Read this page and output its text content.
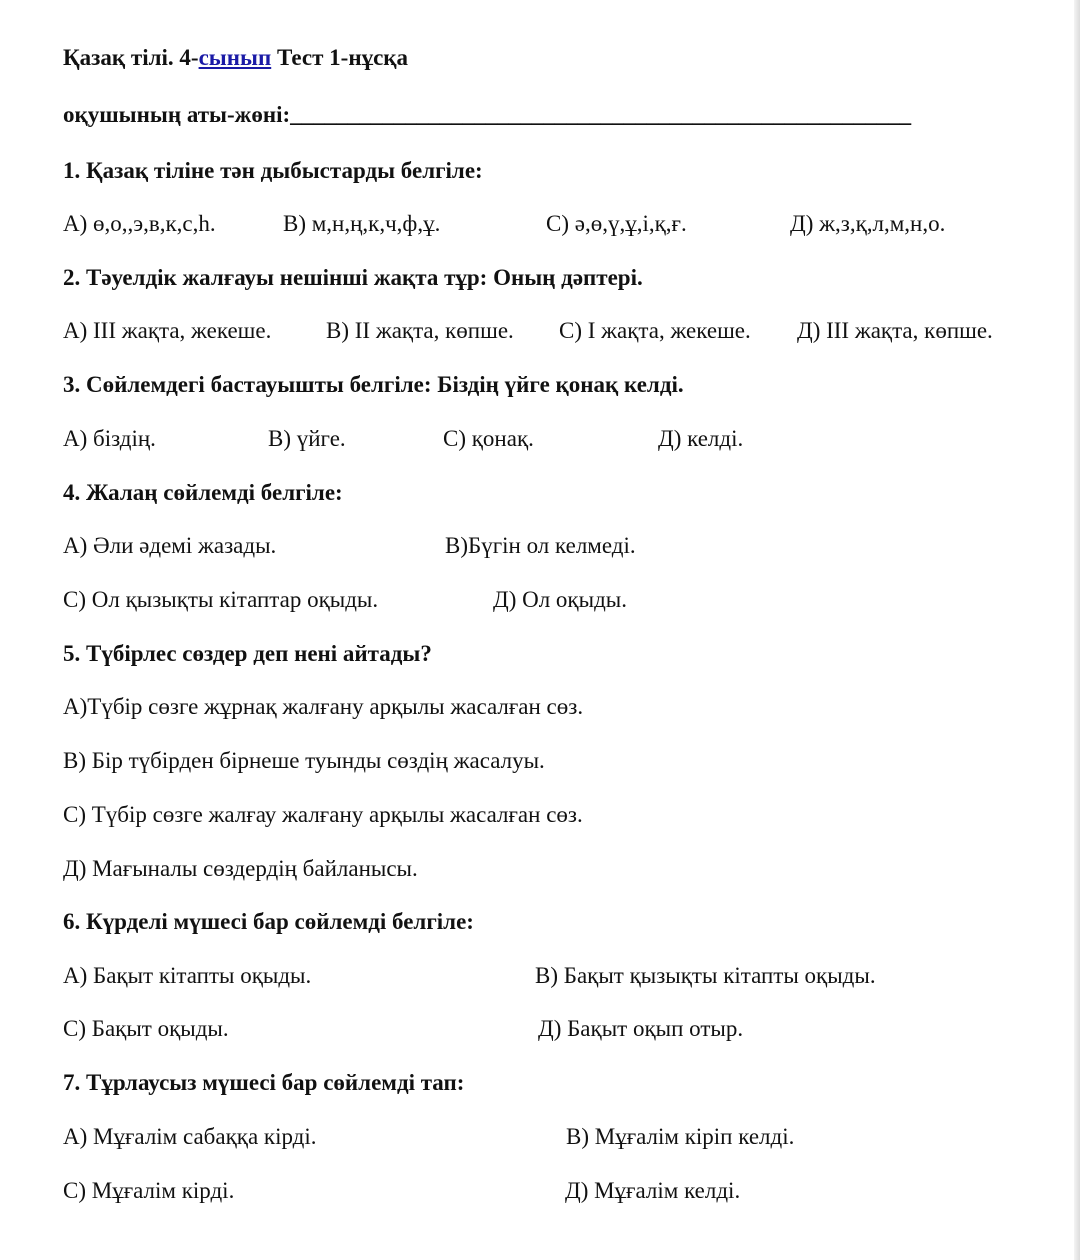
Қазақ тілі. 4-сынып Тест 1-нұсқа
оқушының аты-жөні:______________________________________________________
1. Қазақ тіліне тән дыбыстарды белгіле:
А) ө,о,,э,в,к,с,һ.	В) м,н,ң,к,ч,ф,ұ.	С) ә,ө,ү,ұ,і,қ,ғ.	Д) ж,з,қ,л,м,н,о.
2. Тәуелдік жалғауы нешінші жақта тұр: Оның дәптері.
А) ІІІ жақта, жекеше. В) ІІ жақта, көпше. С) І жақта, жекеше. Д) ІІІ жақта, көпше.
3. Сөйлемдегі бастауышты белгіле: Біздің үйге қонақ келді.
А) біздің.	В) үйге.	С) қонақ.	Д) келді.
4. Жалаң сөйлемді белгіле:
А) Әли әдемі жазады.	В)Бүгін ол келмеді.
С) Ол қызықты кітаптар оқыды.	Д) Ол оқыды.
5. Түбірлес сөздер деп нені айтады?
А)Түбір сөзге жұрнақ жалғану арқылы жасалған сөз.
В) Бір түбірден бірнеше туынды сөздің жасалуы.
С) Түбір сөзге жалғау жалғану арқылы жасалған сөз.
Д) Мағыналы сөздердің байланысы.
6. Күрделі мүшесі бар сөйлемді белгіле:
А) Бақыт кітапты оқыды.	В) Бақыт қызықты кітапты оқыды.
С) Бақыт оқыды.	Д) Бақыт оқып отыр.
7. Тұрлаусыз мүшесі бар сөйлемді тап:
А) Мұғалім сабаққа кірді.	В) Мұғалім кіріп келді.
С) Мұғалім кірді.	Д) Мұғалім келді.
